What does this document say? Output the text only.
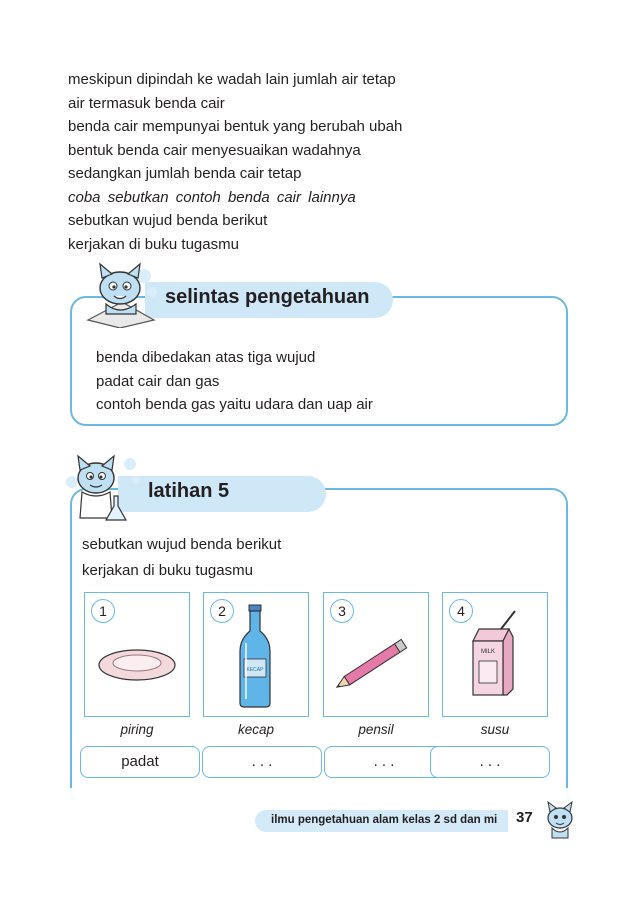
meskipun dipindah ke wadah lain jumlah air tetap
air termasuk benda cair
benda cair mempunyai bentuk yang berubah ubah
bentuk benda cair menyesuaikan wadahnya
sedangkan jumlah benda cair tetap
coba sebutkan contoh benda cair lainnya
sebutkan wujud benda berikut
kerjakan di buku tugasmu
selintas pengetahuan
benda dibedakan atas tiga wujud
padat cair dan gas
contoh benda gas yaitu udara dan uap air
latihan 5
sebutkan wujud benda berikut
kerjakan di buku tugasmu
1
piring
padat
2
KECAP
kecap
. . .
3
pensil
. . .
4
MILK
susu
. . .
ilmu pengetahuan alam kelas 2 sd dan mi 37
